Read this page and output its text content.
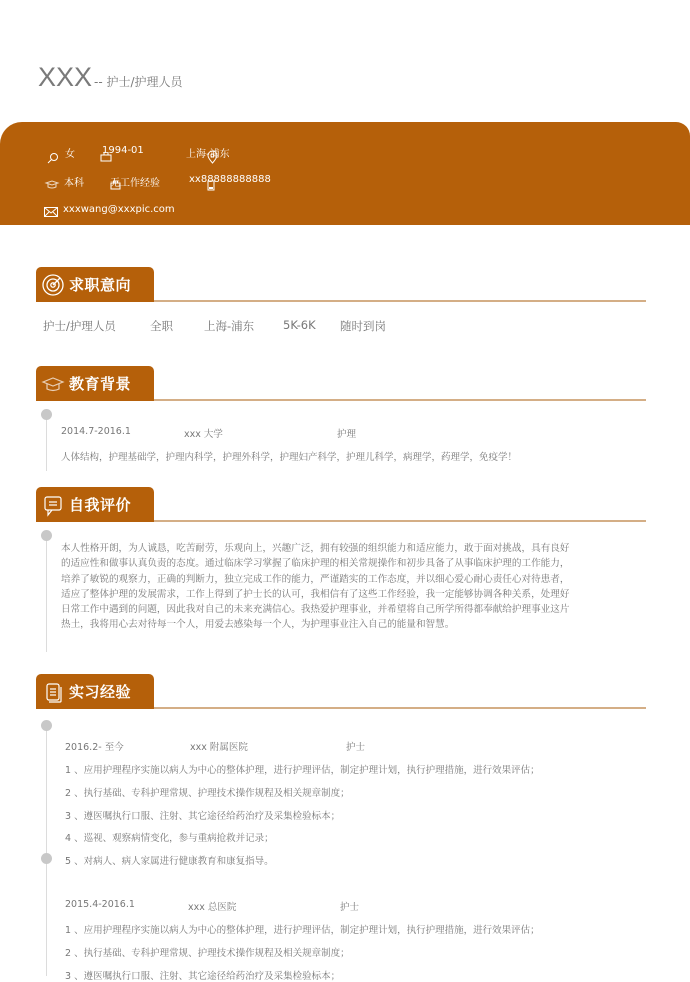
XXX -- 护士/护理人员
女	1994-01	上海-浦东
本科	无工作经验	xx88888888888
xxxwang@xxxpic.com
求职意向
护士/护理人员	全职	上海-浦东	5K-6K	随时到岗
教育背景
2014.7-2016.1	xxx 大学	护理
人体结构，护理基础学，护理内科学，护理外科学，护理妇产科学，护理儿科学，病理学，药理学，免疫学！
自我评价
本人性格开朗，为人诚恳，吃苦耐劳，乐观向上，兴趣广泛，拥有较强的组织能力和适应能力，敢于面对挑战，具有良好
的适应性和做事认真负责的态度。通过临床学习掌握了临床护理的相关常规操作和初步具备了从事临床护理的工作能力，
培养了敏锐的观察力，正确的判断力，独立完成工作的能力，严谨踏实的工作态度，并以细心爱心耐心责任心对待患者，
适应了整体护理的发展需求，工作上得到了护士长的认可，我相信有了这些工作经验，我一定能够协调各种关系，处理好
日常工作中遇到的问题，因此我对自己的未来充满信心。我热爱护理事业，并希望将自己所学所得都奉献给护理事业这片
热土，我将用心去对待每一个人，用爱去感染每一个人，为护理事业注入自己的能量和智慧。
实习经验
2016.2- 至今	xxx 附属医院	护士
1 、应用护理程序实施以病人为中心的整体护理，进行护理评估，制定护理计划，执行护理措施，进行效果评估；
2 、执行基础、专科护理常规、护理技术操作规程及相关规章制度；
3 、遵医嘱执行口服、注射、其它途径给药治疗及采集检验标本；
4 、巡视、观察病情变化，参与重病抢救并记录；
5 、对病人、病人家属进行健康教育和康复指导。
2015.4-2016.1	xxx 总医院	护士
1 、应用护理程序实施以病人为中心的整体护理，进行护理评估，制定护理计划，执行护理措施，进行效果评估；
2 、执行基础、专科护理常规、护理技术操作规程及相关规章制度；
3 、遵医嘱执行口服、注射、其它途径给药治疗及采集检验标本；
